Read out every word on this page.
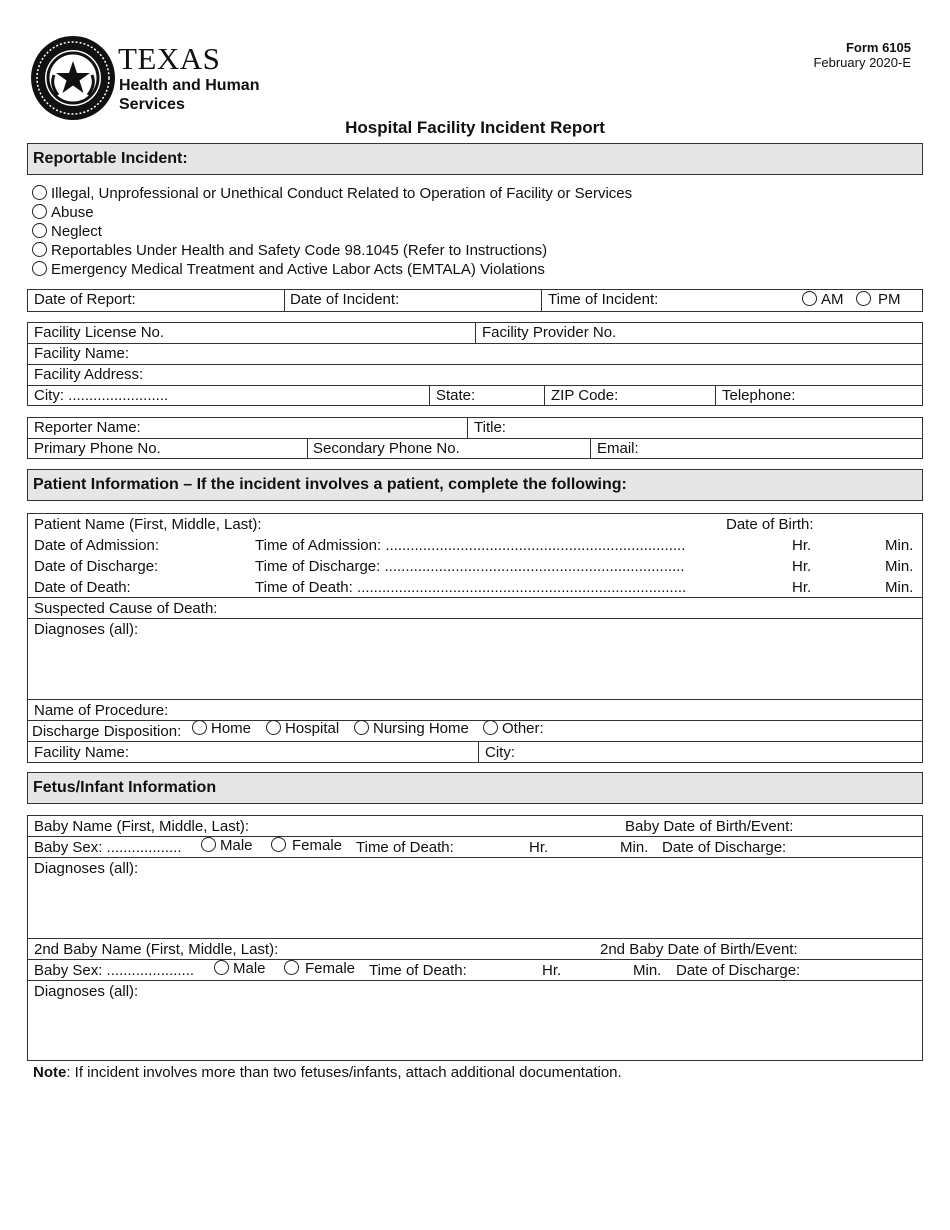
TEXAS
Health and Human
Services
Form 6105
February 2020-E
Hospital Facility Incident Report
Reportable Incident:
Illegal, Unprofessional or Unethical Conduct Related to Operation of Facility or Services
Abuse
Neglect
Reportables Under Health and Safety Code 98.1045 (Refer to Instructions)
Emergency Medical Treatment and Active Labor Acts (EMTALA) Violations
Date of Report:	Date of Incident:	Time of Incident:	AM	PM
Facility License No.	Facility Provider No.
Facility Name:
Facility Address:
City: ........................	State:	ZIP Code:	Telephone:
Reporter Name:	Title:
Primary Phone No.	Secondary Phone No.	Email:
Patient Information – If the incident involves a patient, complete the following:
Patient Name (First, Middle, Last):	Date of Birth:
Date of Admission:	Time of Admission: ........................................................................	Hr.	Min.
Date of Discharge:	Time of Discharge: ........................................................................	Hr.	Min.
Date of Death:	Time of Death: ...............................................................................	Hr.	Min.
Suspected Cause of Death:
Diagnoses (all):
Name of Procedure:
Discharge Disposition:	Home	Hospital	Nursing Home	Other:
Facility Name:	City:
Fetus/Infant Information
Baby Name (First, Middle, Last):	Baby Date of Birth/Event:
Baby Sex: ..................	Male	Female Time of Death:	Hr.	Min. Date of Discharge:
Diagnoses (all):
2nd Baby Name (First, Middle, Last):	2nd Baby Date of Birth/Event:
Baby Sex: .....................	Male	Female Time of Death:	Hr.	Min. Date of Discharge:
Diagnoses (all):
Note: If incident involves more than two fetuses/infants, attach additional documentation.
